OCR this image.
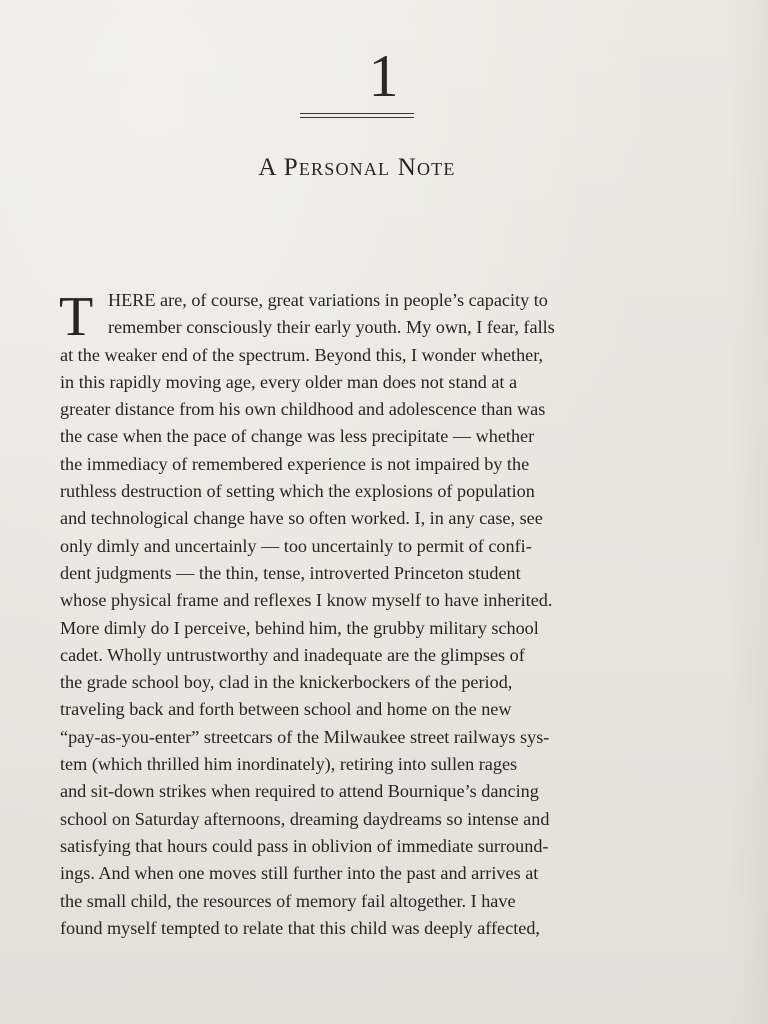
1
A Personal Note
T HERE are, of course, great variations in people’s capacity to
remember consciously their early youth. My own, I fear, falls
at the weaker end of the spectrum. Beyond this, I wonder whether,
in this rapidly moving age, every older man does not stand at a
greater distance from his own childhood and adolescence than was
the case when the pace of change was less precipitate — whether
the immediacy of remembered experience is not impaired by the
ruthless destruction of setting which the explosions of population
and technological change have so often worked. I, in any case, see
only dimly and uncertainly — too uncertainly to permit of confi-
dent judgments — the thin, tense, introverted Princeton student
whose physical frame and reflexes I know myself to have inherited.
More dimly do I perceive, behind him, the grubby military school
cadet. Wholly untrustworthy and inadequate are the glimpses of
the grade school boy, clad in the knickerbockers of the period,
traveling back and forth between school and home on the new
“pay-as-you-enter” streetcars of the Milwaukee street railways sys-
tem (which thrilled him inordinately), retiring into sullen rages
and sit-down strikes when required to attend Bournique’s dancing
school on Saturday afternoons, dreaming daydreams so intense and
satisfying that hours could pass in oblivion of immediate surround-
ings. And when one moves still further into the past and arrives at
the small child, the resources of memory fail altogether. I have
found myself tempted to relate that this child was deeply affected,
